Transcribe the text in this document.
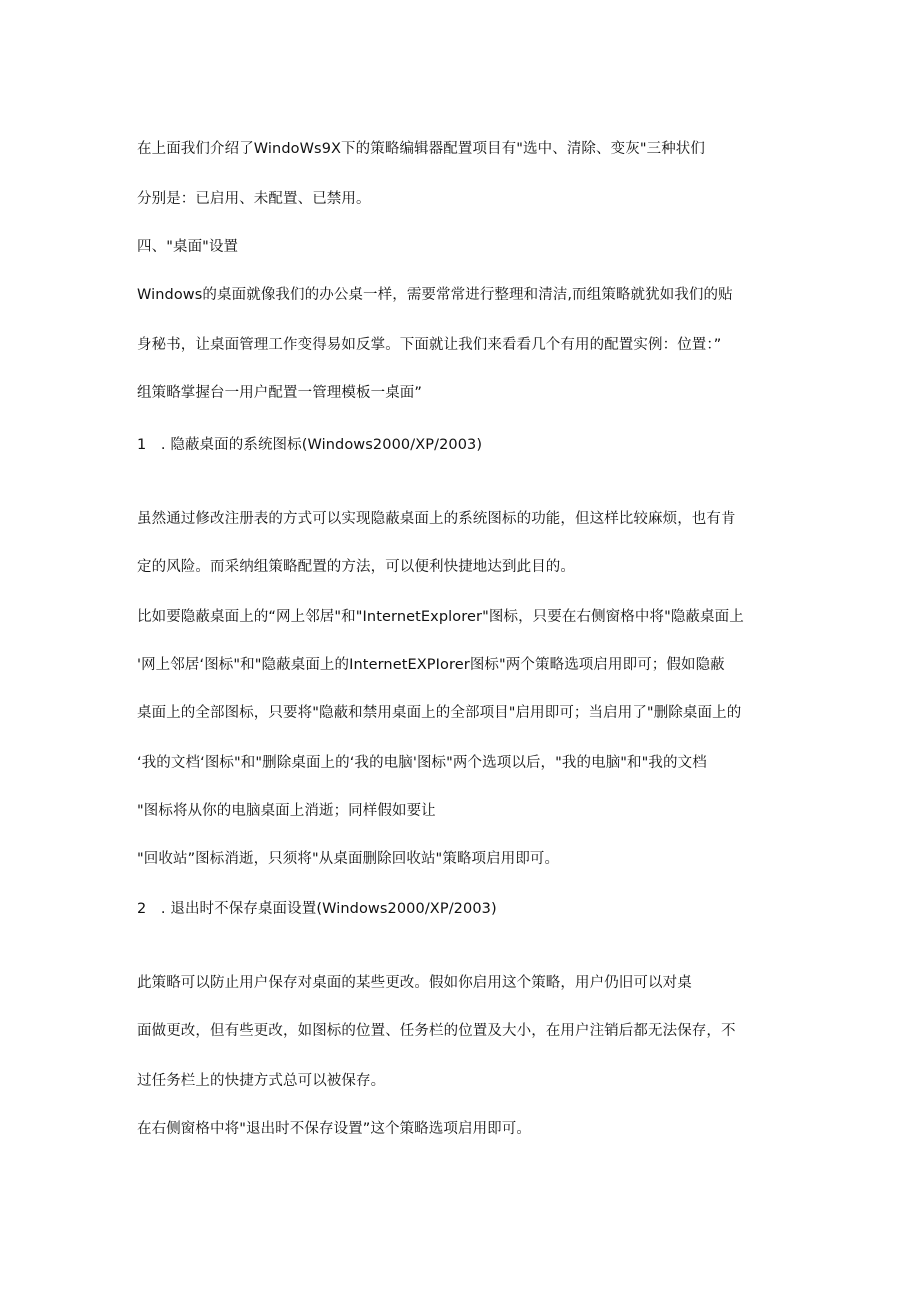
在上面我们介绍了WindoWs9X下的策略编辑器配置项目有"选中、清除、变灰"三种状们

分别是：已启用、未配置、已禁用。

四、"桌面"设置

Windows的桌面就像我们的办公桌一样，需要常常进行整理和清洁,而组策略就犹如我们的贴

身秘书，让桌面管理工作变得易如反掌。下面就让我们来看看几个有用的配置实例：位置：”

组策略掌握台一用户配置一管理模板一桌面”

1　. 隐蔽桌面的系统图标(Windows2000/XP/2003)

虽然通过修改注册表的方式可以实现隐蔽桌面上的系统图标的功能，但这样比较麻烦，也有肯

定的风险。而采纳组策略配置的方法，可以便利快捷地达到此目的。

比如要隐蔽桌面上的“网上邻居"和"InternetExplorer"图标，只要在右侧窗格中将"隐蔽桌面上

'网上邻居‘图标"和"隐蔽桌面上的InternetEXPIorer图标"两个策略选项启用即可；假如隐蔽

桌面上的全部图标，只要将"隐蔽和禁用桌面上的全部项目"启用即可；当启用了"删除桌面上的

‘我的文档‘图标"和"删除桌面上的‘我的电脑'图标"两个选项以后，"我的电脑"和"我的文档

"图标将从你的电脑桌面上消逝；同样假如要让

"回收站”图标消逝，只须将"从桌面删除回收站"策略项启用即可。

2　. 退出时不保存桌面设置(Windows2000/XP/2003)

此策略可以防止用户保存对桌面的某些更改。假如你启用这个策略，用户仍旧可以对桌

面做更改，但有些更改，如图标的位置、任务栏的位置及大小，在用户注销后都无法保存，不

过任务栏上的快捷方式总可以被保存。

在右侧窗格中将"退出时不保存设置”这个策略选项启用即可。
